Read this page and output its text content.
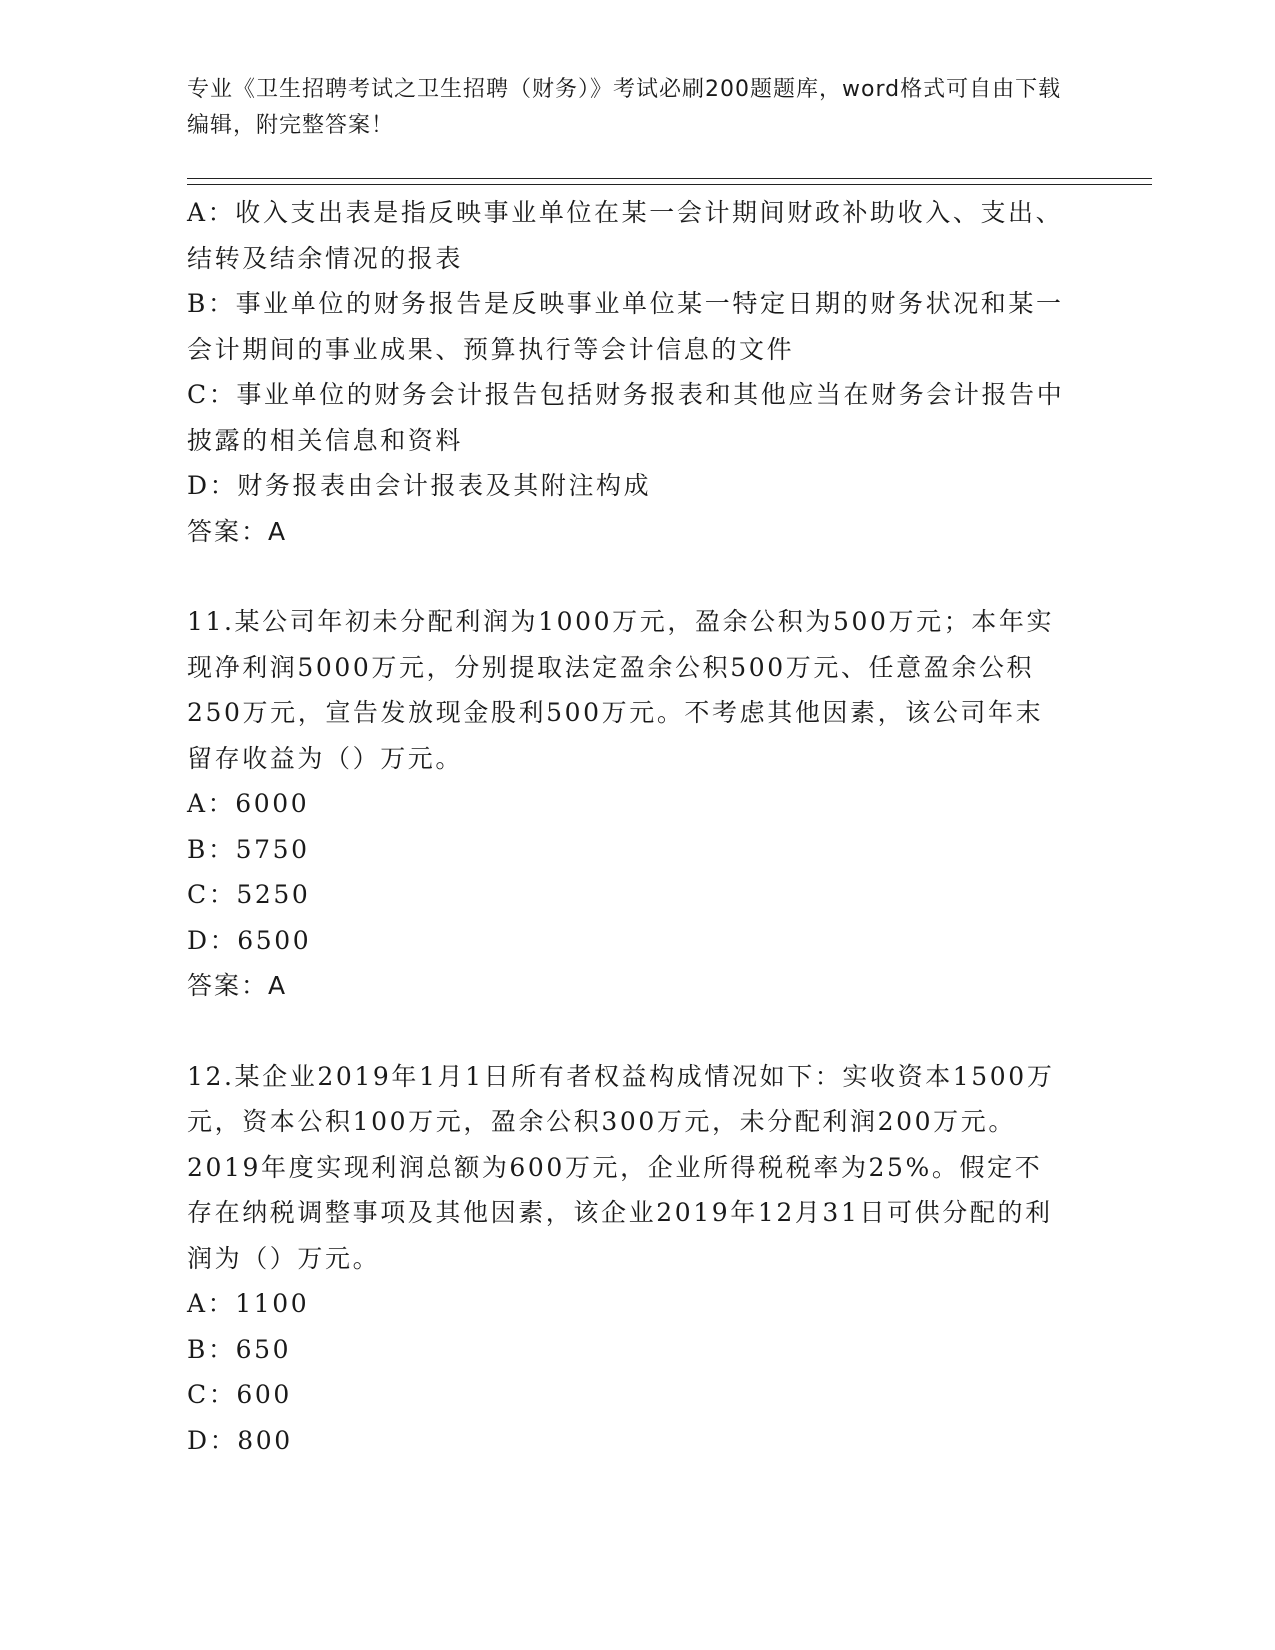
专业《卫生招聘考试之卫生招聘（财务）》考试必刷200题题库，word格式可自由下载编辑，附完整答案！
A：收入支出表是指反映事业单位在某一会计期间财政补助收入、支出、结转及结余情况的报表
B：事业单位的财务报告是反映事业单位某一特定日期的财务状况和某一会计期间的事业成果、预算执行等会计信息的文件
C：事业单位的财务会计报告包括财务报表和其他应当在财务会计报告中披露的相关信息和资料
D：财务报表由会计报表及其附注构成
答案：A
11.某公司年初未分配利润为1000万元，盈余公积为500万元；本年实现净利润5000万元，分别提取法定盈余公积500万元、任意盈余公积250万元，宣告发放现金股利500万元。不考虑其他因素，该公司年末留存收益为（）万元。
A：6000
B：5750
C：5250
D：6500
答案：A
12.某企业2019年1月1日所有者权益构成情况如下：实收资本1500万元，资本公积100万元，盈余公积300万元，未分配利润200万元。2019年度实现利润总额为600万元，企业所得税税率为25%。假定不存在纳税调整事项及其他因素，该企业2019年12月31日可供分配的利润为（）万元。
A：1100
B：650
C：600
D：800
